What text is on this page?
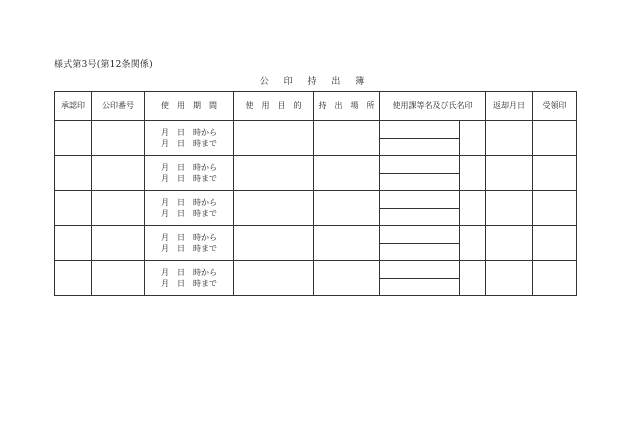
様式第3号(第12条関係)
公 印 持 出 簿
承認印	公印番号	使　用　期　間	使　用　目　的	持　出　場　所	使用課等名及び氏名印		返却月日	受領印

		月　日　時から
月　日　時まで						

		月　日　時から
月　日　時まで						

		月　日　時から
月　日　時まで						

		月　日　時から
月　日　時まで						

		月　日　時から
月　日　時まで						
